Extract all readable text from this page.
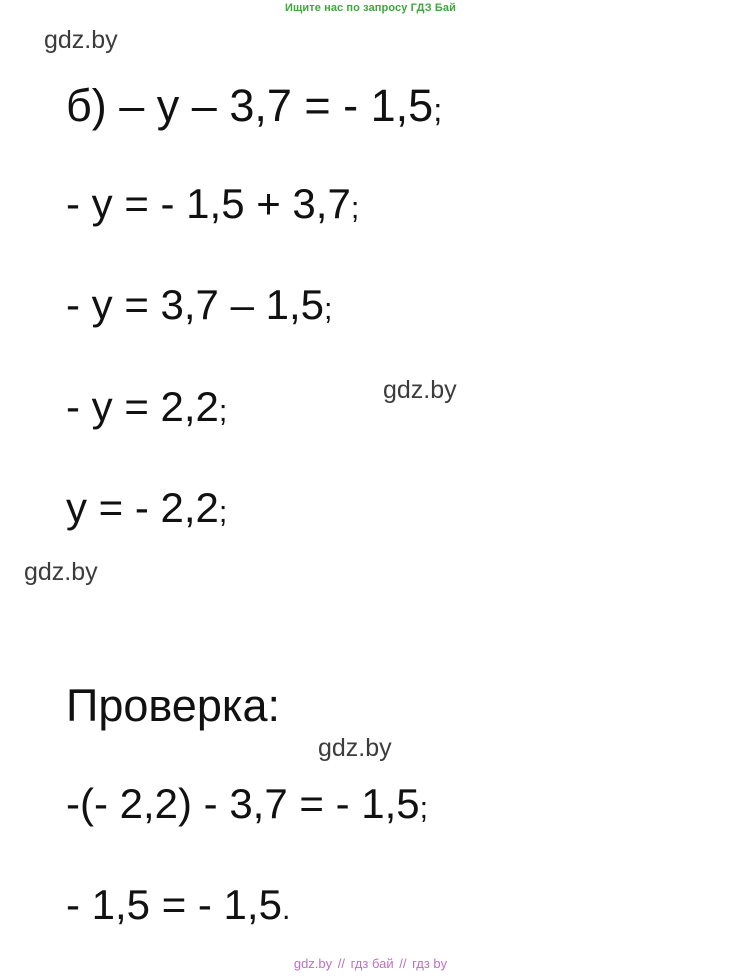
Ищите нас по запросу ГДЗ Бай
gdz.by
б) – y – 3,7 = - 1,5;
- y = - 1,5 + 3,7;
- y = 3,7 – 1,5;
gdz.by
- y = 2,2;
y = - 2,2;
gdz.by
Проверка:
gdz.by
-(- 2,2) - 3,7 = - 1,5;
- 1,5 = - 1,5.
gdz.by // гдз бай // гдз by
